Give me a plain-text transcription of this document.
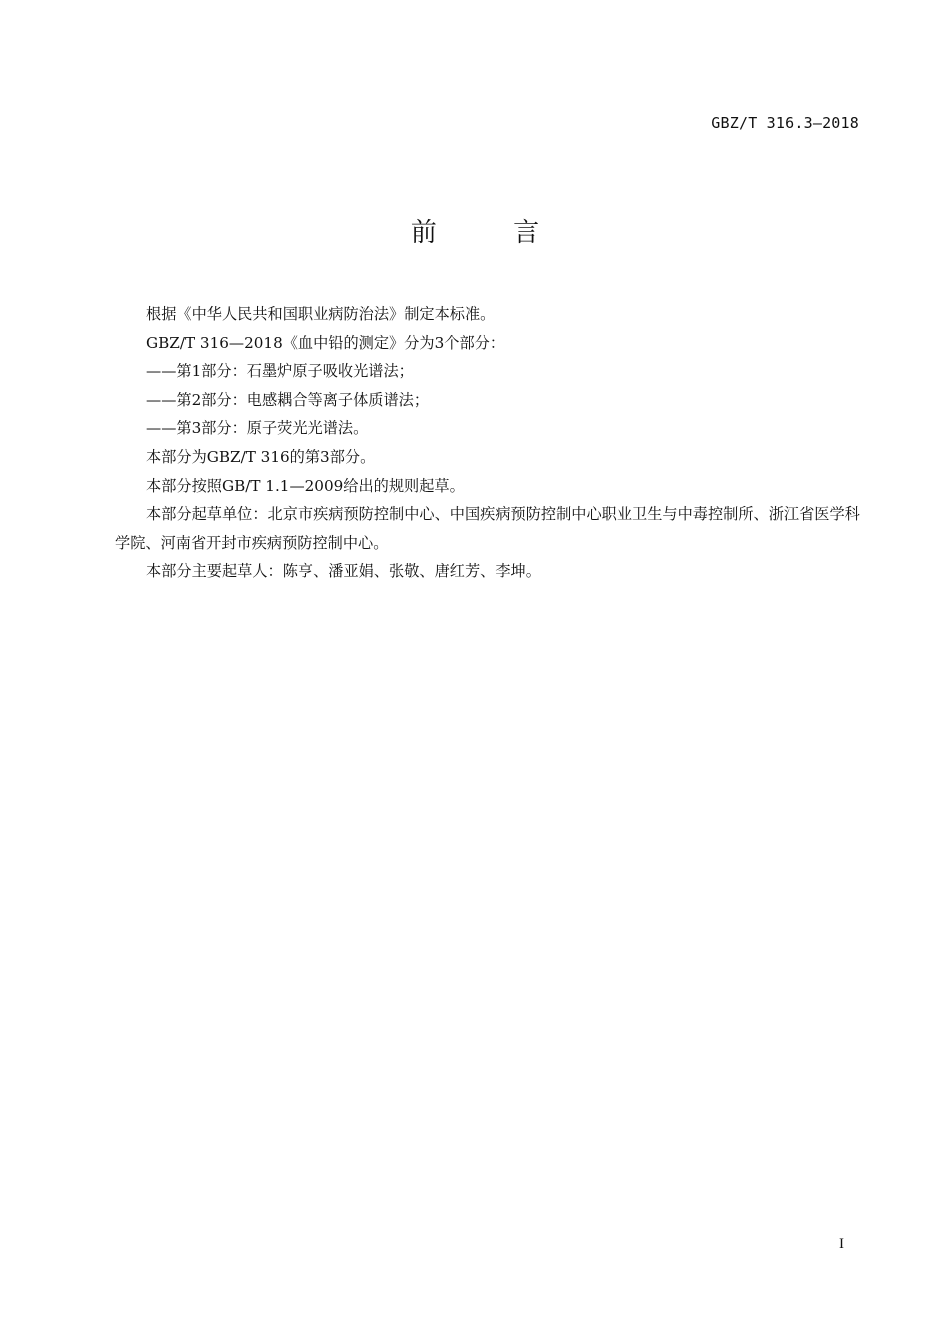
GBZ/T 316.3—2018
前 言

根据《中华人民共和国职业病防治法》制定本标准。

GBZ/T 316—2018《血中铅的测定》分为3个部分：

——第1部分：石墨炉原子吸收光谱法；

——第2部分：电感耦合等离子体质谱法；

——第3部分：原子荧光光谱法。

本部分为GBZ/T 316的第3部分。

本部分按照GB/T 1.1—2009给出的规则起草。

本部分起草单位：北京市疾病预防控制中心、中国疾病预防控制中心职业卫生与中毒控制所、浙江省医学科学院、河南省开封市疾病预防控制中心。

本部分主要起草人：陈亨、潘亚娟、张敬、唐红芳、李坤。

I
